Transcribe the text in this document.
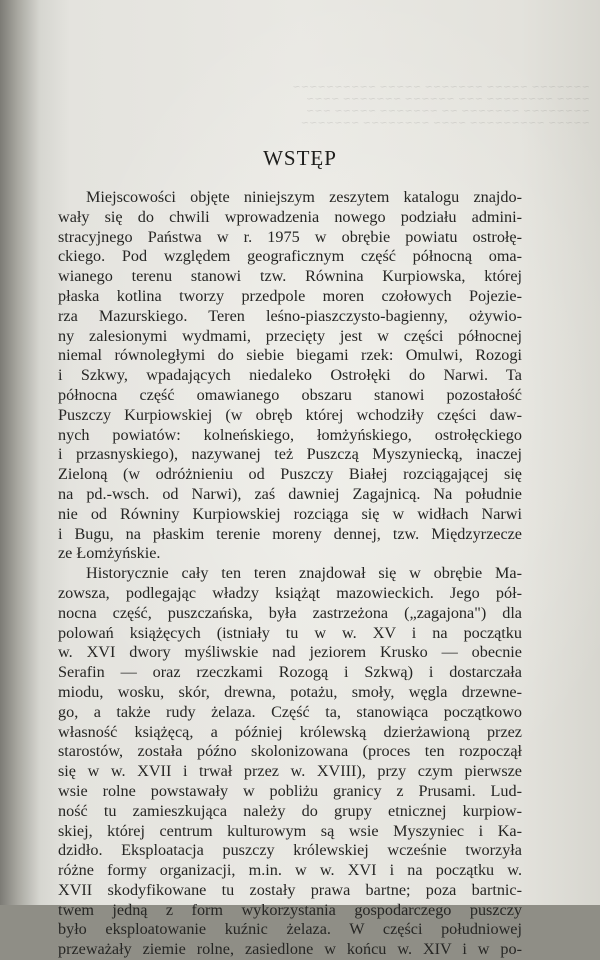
~~~~~~~ ~~~~~ ~~~~~~~ ~~~~~ ~~~~~~~~~~
~~~~ ~~~~~~~~ ~~~ ~~~~~~ ~~~~~~~ ~~~~
~~~~~~~~ ~~~~~~~ ~~ ~~~~~~~ ~~~~~ ~~~
~~~~~ ~~~~~~~~~ ~~~~ ~~~~~~~~ ~~~~~~~
WSTĘP
Miejscowości objęte niniejszym zeszytem katalogu znajdo-
wały się do chwili wprowadzenia nowego podziału admini-
stracyjnego Państwa w r. 1975 w obrębie powiatu ostrołę-
ckiego. Pod względem geograficznym część północną oma-
wianego terenu stanowi tzw. Równina Kurpiowska, której
płaska kotlina tworzy przedpole moren czołowych Pojezie-
rza Mazurskiego. Teren leśno-piaszczysto-bagienny, ożywio-
ny zalesionymi wydmami, przecięty jest w części północnej
niemal równoległymi do siebie biegami rzek: Omulwi, Rozogi
i Szkwy, wpadających niedaleko Ostrołęki do Narwi. Ta
północna część omawianego obszaru stanowi pozostałość
Puszczy Kurpiowskiej (w obręb której wchodziły części daw-
nych powiatów: kolneńskiego, łomżyńskiego, ostrołęckiego
i przasnyskiego), nazywanej też Puszczą Myszyniecką, inaczej
Zieloną (w odróżnieniu od Puszczy Białej rozciągającej się
na pd.-wsch. od Narwi), zaś dawniej Zagajnicą. Na południe
nie od Równiny Kurpiowskiej rozciąga się w widłach Narwi
i Bugu, na płaskim terenie moreny dennej, tzw. Międzyrzecze
ze Łomżyńskie.
Historycznie cały ten teren znajdował się w obrębie Ma-
zowsza, podlegając władzy książąt mazowieckich. Jego pół-
nocna część, puszczańska, była zastrzeżona („zagajona") dla
polowań książęcych (istniały tu w w. XV i na początku
w. XVI dwory myśliwskie nad jeziorem Krusko — obecnie
Serafin — oraz rzeczkami Rozogą i Szkwą) i dostarczała
miodu, wosku, skór, drewna, potażu, smoły, węgla drzewne-
go, a także rudy żelaza. Część ta, stanowiąca początkowo
własność książęcą, a później królewską dzierżawioną przez
starostów, została późno skolonizowana (proces ten rozpoczął
się w w. XVII i trwał przez w. XVIII), przy czym pierwsze
wsie rolne powstawały w pobliżu granicy z Prusami. Lud-
ność tu zamieszkująca należy do grupy etnicznej kurpiow-
skiej, której centrum kulturowym są wsie Myszyniec i Ka-
dzidło. Eksploatacja puszczy królewskiej wcześnie tworzyła
różne formy organizacji, m.in. w w. XVI i na początku w.
XVII skodyfikowane tu zostały prawa bartne; poza bartnic-
twem jedną z form wykorzystania gospodarczego puszczy
było eksploatowanie kuźnic żelaza. W części południowej
przeważały ziemie rolne, zasiedlone w końcu w. XIV i w po-
